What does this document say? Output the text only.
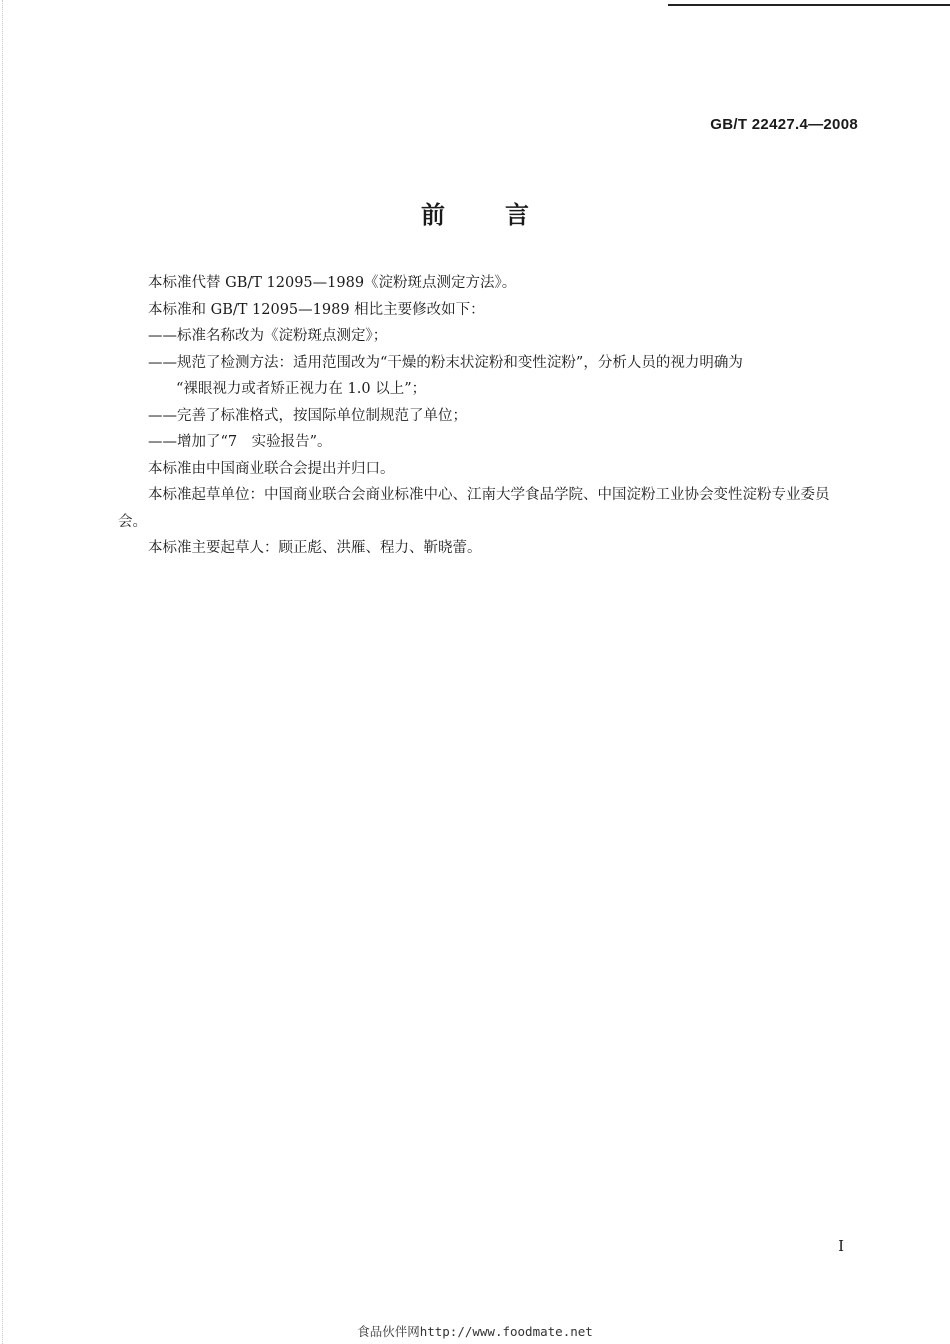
GB/T 22427.4—2008
前言

本标准代替 GB/T 12095—1989《淀粉斑点测定方法》。

本标准和 GB/T 12095—1989 相比主要修改如下：

——标准名称改为《淀粉斑点测定》；
——规范了检测方法：适用范围改为“干燥的粉末状淀粉和变性淀粉”，分析人员的视力明确为
“裸眼视力或者矫正视力在 1.0 以上”；
——完善了标准格式，按国际单位制规范了单位；
——增加了“7　实验报告”。

本标准由中国商业联合会提出并归口。

本标准起草单位：中国商业联合会商业标准中心、江南大学食品学院、中国淀粉工业协会变性淀粉专业委员会。

本标准主要起草人：顾正彪、洪雁、程力、靳晓蕾。

I
食品伙伴网http://www.foodmate.net
